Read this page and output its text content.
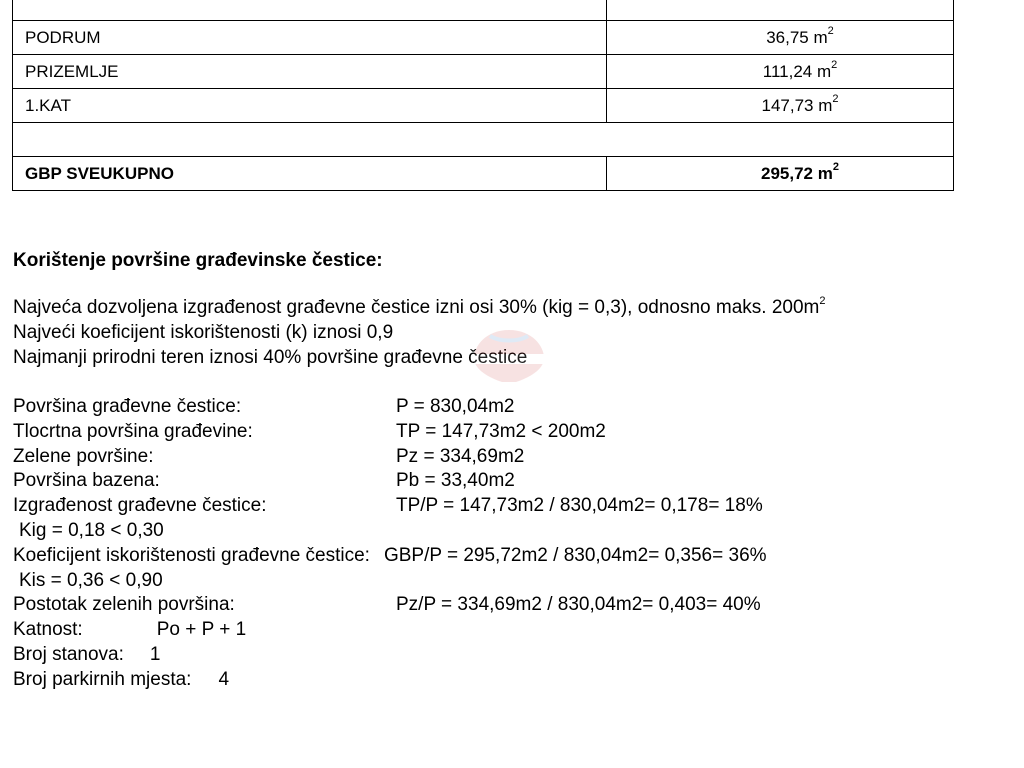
PODRUM	36,75 $m^2$
PRIZEMLJE	111,24 $m^2$
1.KAT	147,73 $m^2$

GBP SVEUKUPNO	295,72 $m^2$
Korištenje površine građevinske čestice:
Najveća dozvoljena izgrađenost građevne čestice izni osi 30% (kig = 0,3), odnosno maks. $200m^2$
Najveći koeficijent iskorištenosti (k) iznosi 0,9
Najmanji prirodni teren iznosi 40% površine građevne čestice
Površina građevne čestice:	P = 830,04m2
Tlocrtna površina građevine:	TP = 147,73m2 < 200m2
Zelene površine:	Pz = 334,69m2
Površina bazena:	Pb = 33,40m2
Izgrađenost građevne čestice:	TP/P = 147,73m2 / 830,04m2= 0,178= 18%
Kig = 0,18 < 0,30
Koeficijent iskorištenosti građevne čestice: GBP/P = 295,72m2 / 830,04m2= 0,356= 36%
Kis = 0,36 < 0,90
Postotak zelenih površina:	Pz/P = 334,69m2 / 830,04m2= 0,403= 40%
Katnost:	Po + P + 1
Broj stanova: 1
Broj parkirnih mjesta: 4
